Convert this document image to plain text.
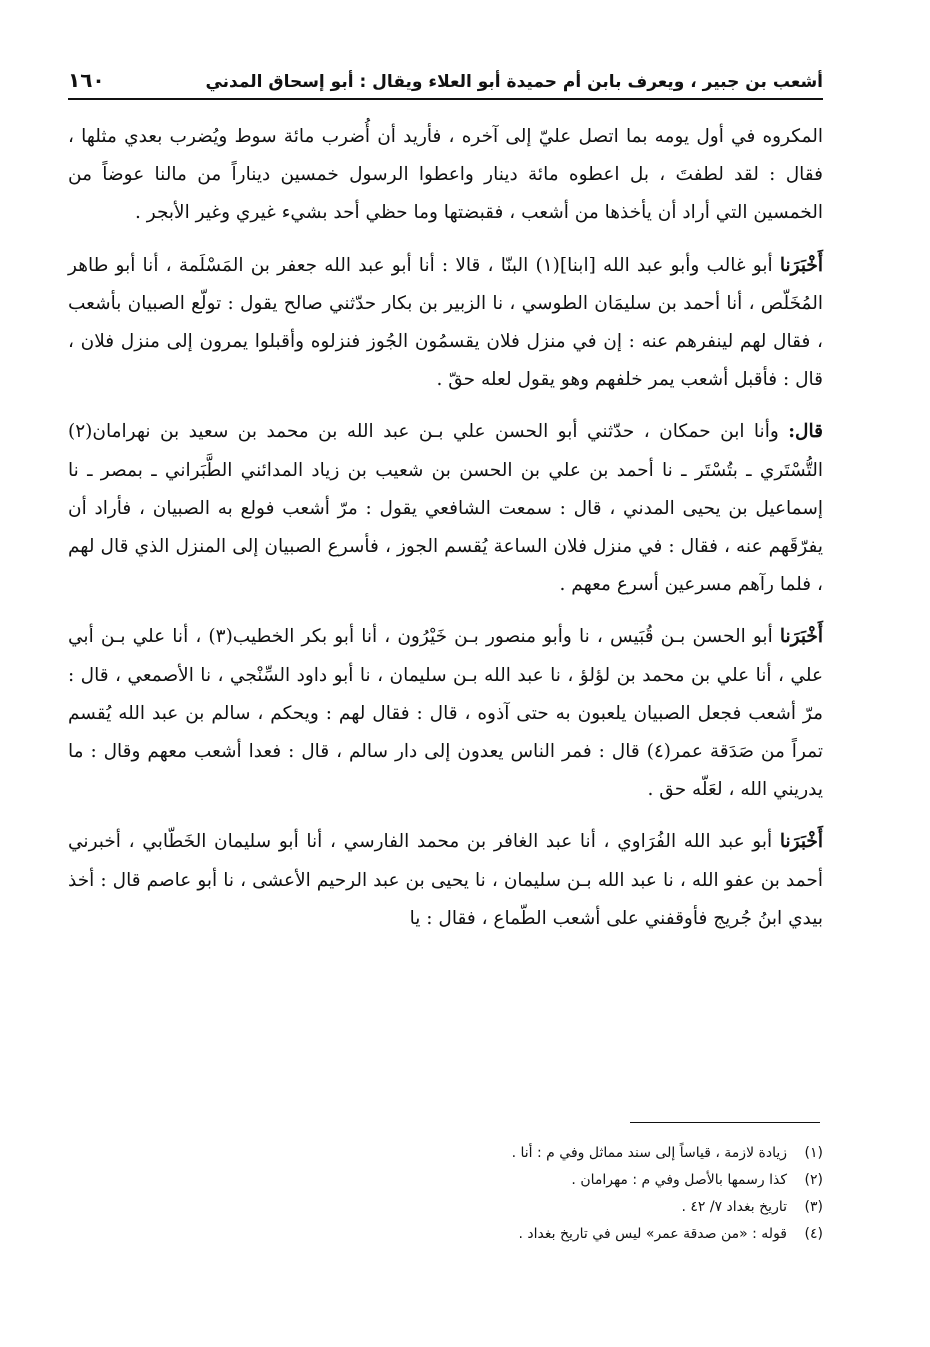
أشعب بن جبير ، ويعرف بابن أم حميدة أبو العلاء ويقال : أبو إسحاق المدني
١٦٠

المكروه في أول يومه بما اتصل عليّ إلى آخره ، فأريد أن أُضرب مائة سوط ويُضرب بعدي مثلها ، فقال : لقد لطفتَ ، بل اعطوه مائة دينار واعطوا الرسول خمسين ديناراً من مالنا عوضاً من الخمسين التي أراد أن يأخذها من أشعب ، فقبضتها وما حظي أحد بشيء غيري وغير الأبجر .

أَخْبَرَنا أبو غالب وأبو عبد الله [ابنا](١) البنّا ، قالا : أنا أبو عبد الله جعفر بن المَسْلَمة ، أنا أبو طاهر المُخَلّص ، أنا أحمد بن سليمَان الطوسي ، نا الزبير بن بكار حدّثني صالح يقول : تولّع الصبيان بأشعب ، فقال لهم لينفرهم عنه : إن في منزل فلان يقسمُون الجُوز فنزلوه وأقبلوا يمرون إلى منزل فلان ، قال : فأقبل أشعب يمر خلفهم وهو يقول لعله حقّ .

قال: وأنا ابن حمكان ، حدّثني أبو الحسن علي بـن عبد الله بن محمد بن سعيد بن نهرامان(٢) التُّسْتَري ـ بتُسْتَر ـ نا أحمد بن علي بن الحسن بن شعيب بن زياد المدائني الطَّبَراني ـ بمصر ـ نا إسماعيل بن يحيى المدني ، قال : سمعت الشافعي يقول : مرّ أشعب فولع به الصبيان ، فأراد أن يفرّقَهم عنه ، فقال : في منزل فلان الساعة يُقسم الجوز ، فأسرع الصبيان إلى المنزل الذي قال لهم ، فلما رآهم مسرعين أسرع معهم .

أَخْبَرَنا أبو الحسن بـن قُبَيس ، نا وأبو منصور بـن خَيْرُون ، أنا أبو بكر الخطيب(٣) ، أنا علي بـن أبي علي ، أنا علي بن محمد بن لؤلؤ ، نا عبد الله بـن سليمان ، نا أبو داود السِّنْجي ، نا الأصمعي ، قال : مرّ أشعب فجعل الصبيان يلعبون به حتى آذوه ، قال : فقال لهم : ويحكم ، سالم بن عبد الله يُقسم تمراً من صَدَقة عمر(٤) قال : فمر الناس يعدون إلى دار سالم ، قال : فعدا أشعب معهم وقال : ما يدريني الله ، لعَلّه حق .

أَخْبَرَنا أبو عبد الله الفُرَاوي ، أنا عبد الغافر بن محمد الفارسي ، أنا أبو سليمان الخَطّابي ، أخبرني أحمد بن عفو الله ، نا عبد الله بـن سليمان ، نا يحيى بن عبد الرحيم الأعشى ، نا أبو عاصم قال : أخذ بيدي ابنُ جُريج فأوقفني على أشعب الطّماع ، فقال : يا

(١)زيادة لازمة ، قياساً إلى سند مماثل وفي م : أنا .
(٢)كذا رسمها بالأصل وفي م : مهرامان .
(٣)تاريخ بغداد ٧/ ٤٢ .
(٤)قوله : «من صدقة عمر» ليس في تاريخ بغداد .
